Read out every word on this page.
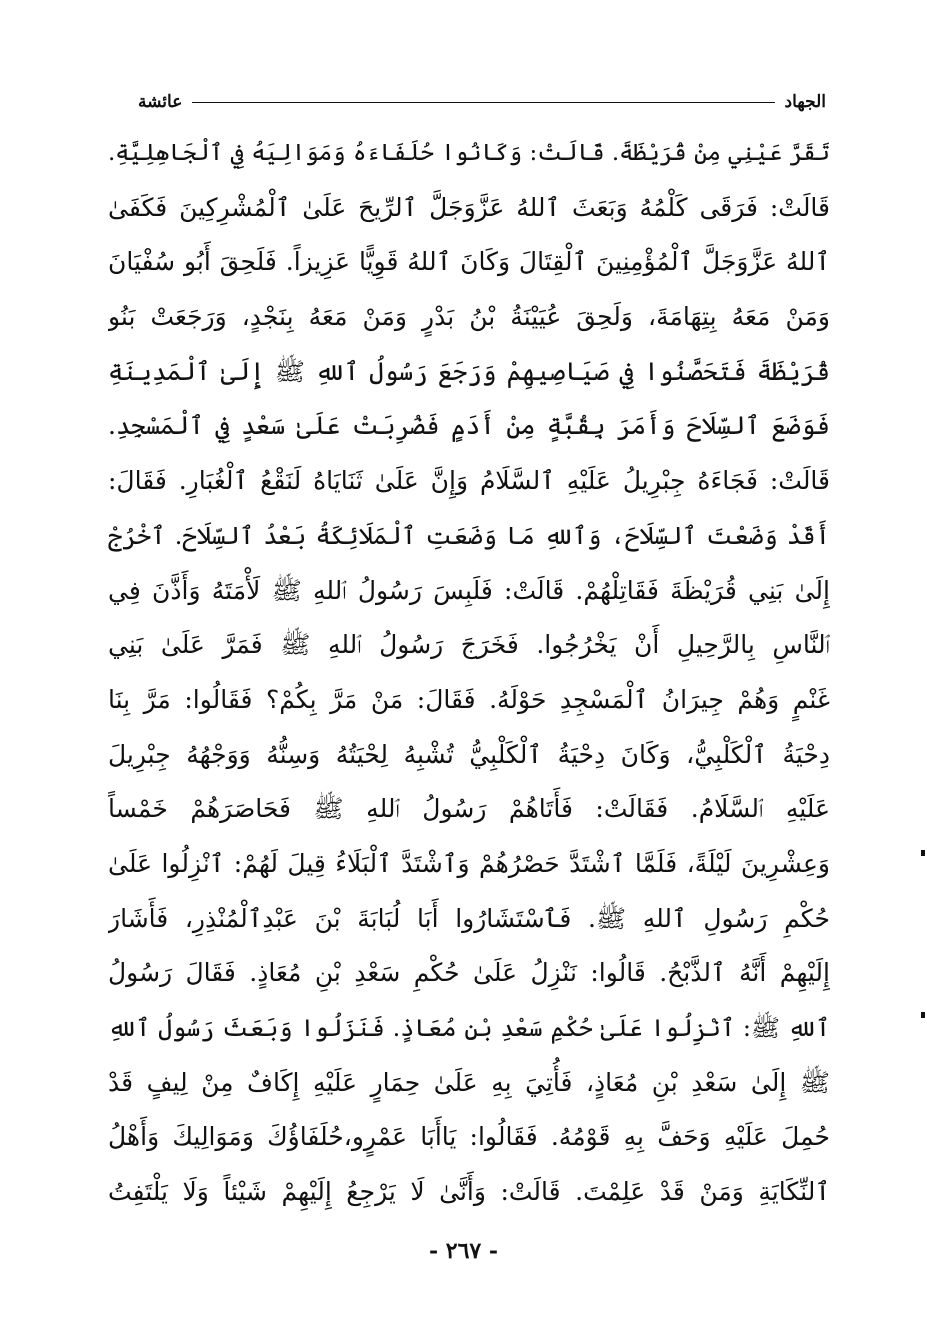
الجهاد
عائشة
تَقَرَّ عَيْنِي مِنْ قُرَيْظَةَ. قَالَتْ: وَكَانُوا حُلَفَاءَهُ وَمَوَالِيَهُ فِي ٱلْجَاهِلِيَّةِ.
قَالَتْ: فَرَقَى كَلْمُهُ وَبَعَثَ ٱللهُ عَزَّوَجَلَّ ٱلرِّيحَ عَلَىٰ ٱلْمُشْرِكِينَ فَكَفَىٰ
ٱللهُ عَزَّوَجَلَّ ٱلْمُؤْمِنِينَ ٱلْقِتَالَ وَكَانَ ٱللهُ قَوِيًّا عَزِيزاً. فَلَحِقَ أَبُو سُفْيَانَ
وَمَنْ مَعَهُ بِتِهَامَةَ، وَلَحِقَ عُيَيْنَةُ بْنُ بَدْرٍ وَمَنْ مَعَهُ بِنَجْدٍ، وَرَجَعَتْ بَنُو
قُرَيْظَةَ فَتَحَصَّنُوا فِي صَيَاصِيهِمْ وَرَجَعَ رَسُولُ ٱللهِ ﷺ إِلَىٰ ٱلْمَدِينَةِ
فَوَضَعَ ٱلسِّلَاحَ وَأَمَرَ بِقُبَّةٍ مِنْ أَدَمٍ فَضُرِبَتْ عَلَىٰ سَعْدٍ فِي ٱلْمَسْجِدِ.
قَالَتْ: فَجَاءَهُ جِبْرِيلُ عَلَيْهِ ٱلسَّلَامُ وَإِنَّ عَلَىٰ ثَنَايَاهُ لَنَقْعُ ٱلْغُبَارِ. فَقَالَ:
أَقَدْ وَضَعْتَ ٱلسِّلَاحَ، وَٱللهِ مَا وَضَعَتِ ٱلْمَلَائِكَةُ بَعْدُ ٱلسِّلَاحَ. ٱخْرُجْ
إِلَىٰ بَنِي قُرَيْظَةَ فَقَاتِلْهُمْ. قَالَتْ: فَلَبِسَ رَسُولُ ٱللهِ ﷺ لَأْمَتَهُ وَأَذَّنَ فِي
ٱلنَّاسِ بِالرَّحِيلِ أَنْ يَخْرُجُوا. فَخَرَجَ رَسُولُ ٱللهِ ﷺ فَمَرَّ عَلَىٰ بَنِي
غَنْمٍ وَهُمْ جِيرَانُ ٱلْمَسْجِدِ حَوْلَهُ. فَقَالَ: مَنْ مَرَّ بِكُمْ؟ فَقَالُوا: مَرَّ بِنَا
دِحْيَةُ ٱلْكَلْبِيُّ، وَكَانَ دِحْيَةُ ٱلْكَلْبِيُّ تُشْبِهُ لِحْيَتُهُ وَسِنُّهُ وَوَجْهُهُ جِبْرِيلَ
عَلَيْهِ ٱلسَّلَامُ. فَقَالَتْ: فَأَتَاهُمْ رَسُولُ ٱللهِ ﷺ فَحَاصَرَهُمْ خَمْساً
وَعِشْرِينَ لَيْلَةً، فَلَمَّا ٱشْتَدَّ حَصْرُهُمْ وَٱشْتَدَّ ٱلْبَلَاءُ قِيلَ لَهُمْ: ٱنْزِلُوا عَلَىٰ
حُكْمِ رَسُولِ ٱللهِ ﷺ. فَٱسْتَشَارُوا أَبَا لُبَابَةَ بْنَ عَبْدِٱلْمُنْذِرِ، فَأَشَارَ
إِلَيْهِمْ أَنَّهُ ٱلذَّبْحُ. قَالُوا: نَنْزِلُ عَلَىٰ حُكْمِ سَعْدِ بْنِ مُعَاذٍ. فَقَالَ رَسُولُ
ٱللهِ ﷺ: ٱنْزِلُوا عَلَىٰ حُكْمِ سَعْدِ بْنِ مُعَاذٍ. فَنَزَلُوا وَبَعَثَ رَسُولُ ٱللهِ
ﷺ إِلَىٰ سَعْدِ بْنِ مُعَاذٍ، فَأُتِيَ بِهِ عَلَىٰ حِمَارٍ عَلَيْهِ إِكَافٌ مِنْ لِيفٍ قَدْ
حُمِلَ عَلَيْهِ وَحَفَّ بِهِ قَوْمُهُ. فَقَالُوا: يَاأَبَا عَمْرٍو،حُلَفَاؤُكَ وَمَوَالِيكَ وَأَهْلُ
ٱلنِّكَايَةِ وَمَنْ قَدْ عَلِمْتَ. قَالَتْ: وَأَنَّىٰ لَا يَرْجِعُ إِلَيْهِمْ شَيْئاً وَلَا يَلْتَفِتُ
- ٢٦٧ -
